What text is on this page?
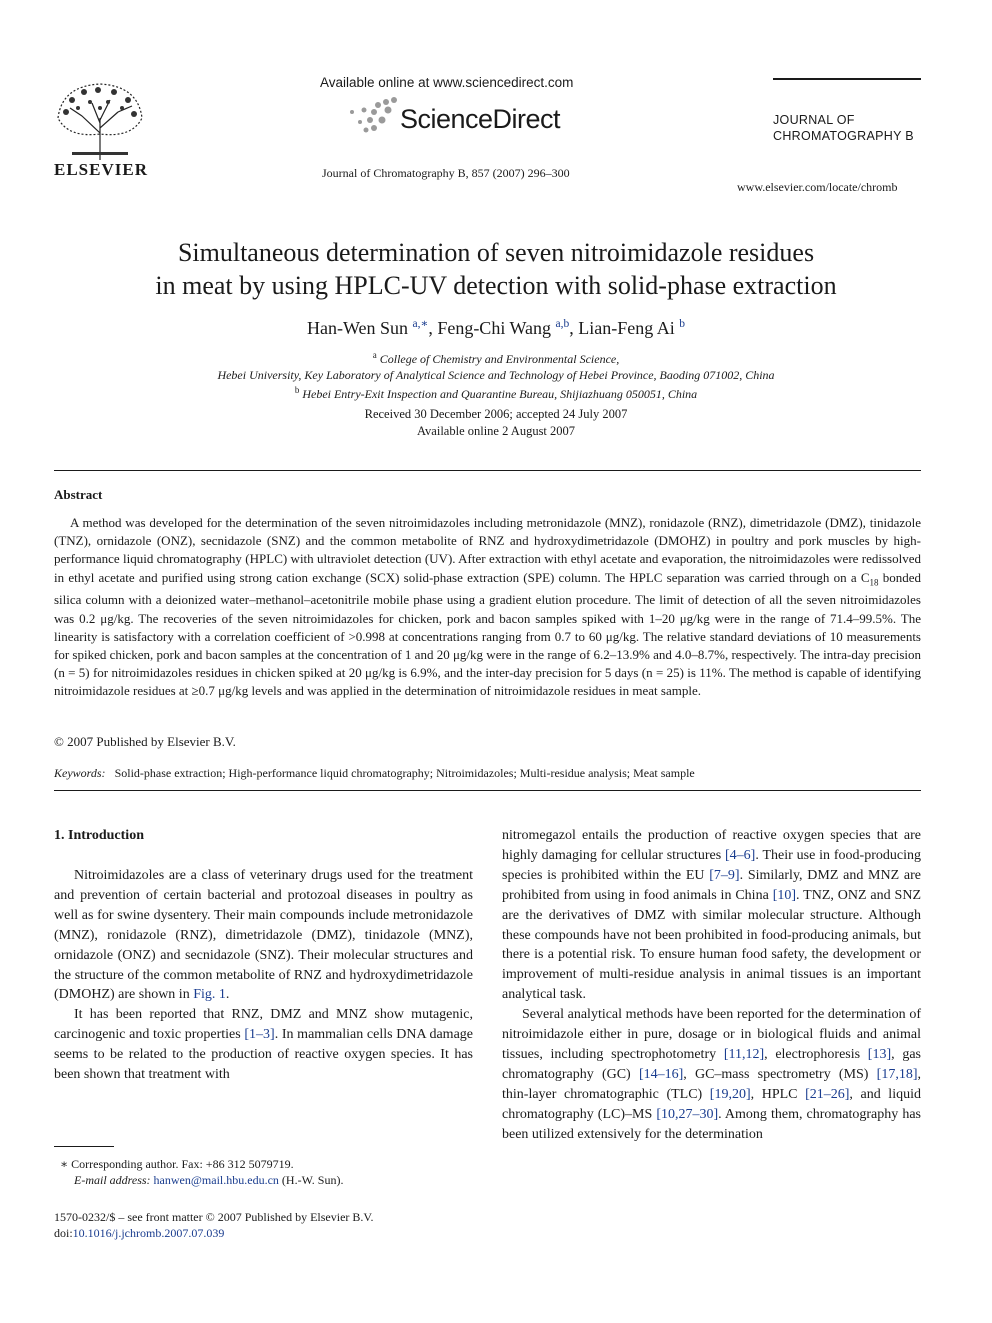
ELSEVIER
Available online at www.sciencedirect.com
ScienceDirect
Journal of Chromatography B, 857 (2007) 296–300
JOURNAL OF
CHROMATOGRAPHY B
www.elsevier.com/locate/chromb
Simultaneous determination of seven nitroimidazole residues
in meat by using HPLC-UV detection with solid-phase extraction
Han-Wen Sun $^{a,∗}$, Feng-Chi Wang $^{a,b}$, Lian-Feng Ai $^b$
$^a$ College of Chemistry and Environmental Science,
Hebei University, Key Laboratory of Analytical Science and Technology of Hebei Province, Baoding 071002, China
$^b$ Hebei Entry-Exit Inspection and Quarantine Bureau, Shijiazhuang 050051, China
Received 30 December 2006; accepted 24 July 2007
Available online 2 August 2007
Abstract
A method was developed for the determination of the seven nitroimidazoles including metronidazole (MNZ), ronidazole (RNZ), dimetridazole (DMZ), tinidazole (TNZ), ornidazole (ONZ), secnidazole (SNZ) and the common metabolite of RNZ and hydroxydimetridazole (DMOHZ) in poultry and pork muscles by high-performance liquid chromatography (HPLC) with ultraviolet detection (UV). After extraction with ethyl acetate and evaporation, the nitroimidazoles were redissolved in ethyl acetate and purified using strong cation exchange (SCX) solid-phase extraction (SPE) column. The HPLC separation was carried through on a $C_{18}$ bonded silica column with a deionized water–methanol–acetonitrile mobile phase using a gradient elution procedure. The limit of detection of all the seven nitroimidazoles was 0.2 μg/kg. The recoveries of the seven nitroimidazoles for chicken, pork and bacon samples spiked with 1–20 μg/kg were in the range of 71.4–99.5%. The linearity is satisfactory with a correlation coefficient of >0.998 at concentrations ranging from 0.7 to 60 μg/kg. The relative standard deviations of 10 measurements for spiked chicken, pork and bacon samples at the concentration of 1 and 20 μg/kg were in the range of 6.2–13.9% and 4.0–8.7%, respectively. The intra-day precision (n = 5) for nitroimidazoles residues in chicken spiked at 20 μg/kg is 6.9%, and the inter-day precision for 5 days (n = 25) is 11%. The method is capable of identifying nitroimidazole residues at ≥0.7 μg/kg levels and was applied in the determination of nitroimidazole residues in meat sample.
© 2007 Published by Elsevier B.V.
Keywords: Solid-phase extraction; High-performance liquid chromatography; Nitroimidazoles; Multi-residue analysis; Meat sample
1. Introduction

Nitroimidazoles are a class of veterinary drugs used for the treatment and prevention of certain bacterial and protozoal diseases in poultry as well as for swine dysentery. Their main compounds include metronidazole (MNZ), ronidazole (RNZ), dimetridazole (DMZ), tinidazole (MNZ), ornidazole (ONZ) and secnidazole (SNZ). Their molecular structures and the structure of the common metabolite of RNZ and hydroxydimetridazole (DMOHZ) are shown in Fig. 1.

It has been reported that RNZ, DMZ and MNZ show mutagenic, carcinogenic and toxic properties [1–3]. In mammalian cells DNA damage seems to be related to the production of reactive oxygen species. It has been shown that treatment with

nitromegazol entails the production of reactive oxygen species that are highly damaging for cellular structures [4–6]. Their use in food-producing species is prohibited within the EU [7–9]. Similarly, DMZ and MNZ are prohibited from using in food animals in China [10]. TNZ, ONZ and SNZ are the derivatives of DMZ with similar molecular structure. Although these compounds have not been prohibited in food-producing animals, but there is a potential risk. To ensure human food safety, the development or improvement of multi-residue analysis in animal tissues is an important analytical task.

Several analytical methods have been reported for the determination of nitroimidazole either in pure, dosage or in biological fluids and animal tissues, including spectrophotometry [11,12], electrophoresis [13], gas chromatography (GC) [14–16], GC–mass spectrometry (MS) [17,18], thin-layer chromatographic (TLC) [19,20], HPLC [21–26], and liquid chromatography (LC)–MS [10,27–30]. Among them, chromatography has been utilized extensively for the determination

∗ Corresponding author. Fax: +86 312 5079719.
E-mail address: hanwen@mail.hbu.edu.cn (H.-W. Sun).
1570-0232/$ – see front matter © 2007 Published by Elsevier B.V.
doi:10.1016/j.jchromb.2007.07.039
